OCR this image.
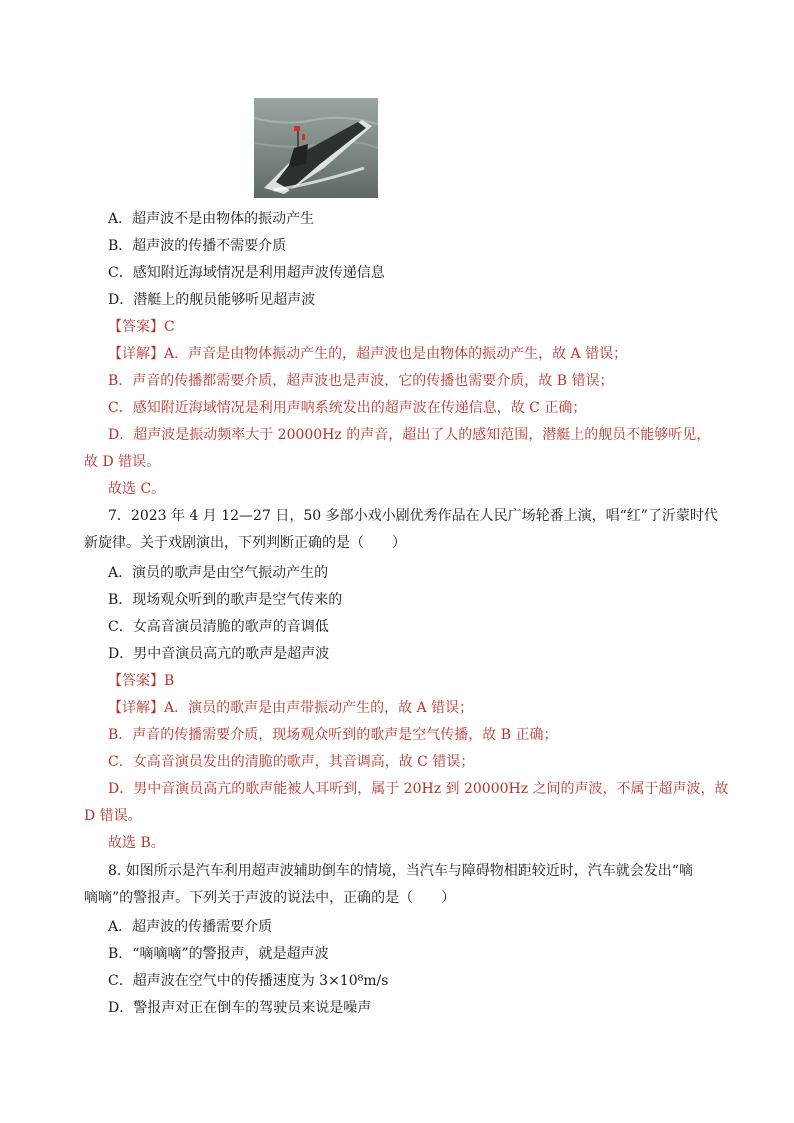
A．超声波不是由物体的振动产生
B．超声波的传播不需要介质
C．感知附近海域情况是利用超声波传递信息
D．潜艇上的舰员能够听见超声波
【答案】C
【详解】A．声音是由物体振动产生的，超声波也是由物体的振动产生，故 A 错误；
B．声音的传播都需要介质，超声波也是声波，它的传播也需要介质，故 B 错误；
C．感知附近海域情况是利用声呐系统发出的超声波在传递信息，故 C 正确；
D．超声波是振动频率大于 20000Hz 的声音，超出了人的感知范围，潜艇上的舰员不能够听见，
故 D 错误。
故选 C。
7．2023 年 4 月 12—27 日，50 多部小戏小剧优秀作品在人民广场轮番上演，唱“红”了沂蒙时代
新旋律。关于戏剧演出，下列判断正确的是（　　）
A．演员的歌声是由空气振动产生的
B．现场观众听到的歌声是空气传来的
C．女高音演员清脆的歌声的音调低
D．男中音演员高亢的歌声是超声波
【答案】B
【详解】A．演员的歌声是由声带振动产生的，故 A 错误；
B．声音的传播需要介质，现场观众听到的歌声是空气传播，故 B 正确；
C．女高音演员发出的清脆的歌声，其音调高，故 C 错误；
D．男中音演员高亢的歌声能被人耳听到，属于 20Hz 到 20000Hz 之间的声波，不属于超声波，故
D 错误。
故选 B。
8. 如图所示是汽车利用超声波辅助倒车的情境，当汽车与障碍物相距较近时，汽车就会发出“嘀
嘀嘀”的警报声。下列关于声波的说法中，正确的是（　　）
A．超声波的传播需要介质
B．“嘀嘀嘀”的警报声，就是超声波
C．超声波在空气中的传播速度为 3×10⁸m/s
D．警报声对正在倒车的驾驶员来说是噪声
